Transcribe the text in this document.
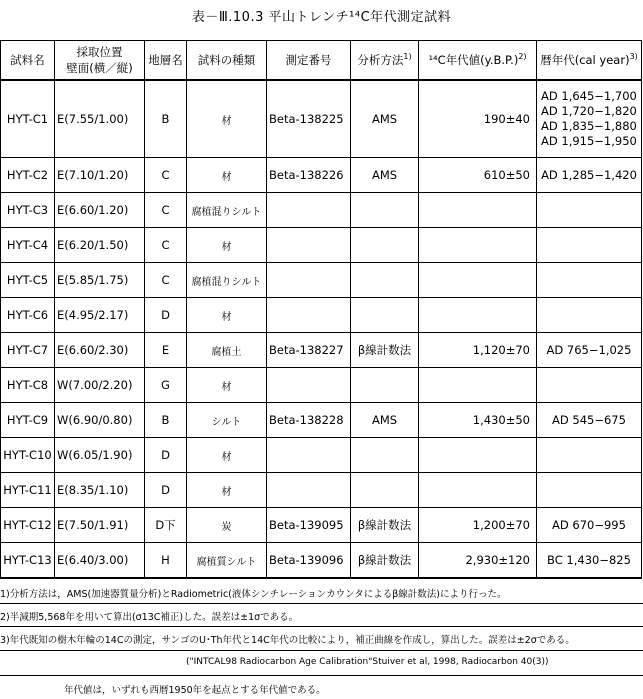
表－Ⅲ.10.3 平山トレンチ¹⁴C年代測定試料
試料名	採取位置
壁面(横／縦)	地層名	試料の種類	測定番号	分析方法$^{1)}$	¹⁴C年代値$(y.B.P.)^{2)}$	暦年代(cal year)$^{3)}$
HYT-C1	E(7.55/1.00)	B	材	Beta-138225	AMS	190±40	AD 1,645−1,700
AD 1,720−1,820
AD 1,835−1,880
AD 1,915−1,950

HYT-C2	E(7.10/1.20)	C	材	Beta-138226	AMS	610±50	AD 1,285−1,420

HYT-C3	E(6.60/1.20)	C	腐植混りシルト				
HYT-C4	E(6.20/1.50)	C	材				
HYT-C5	E(5.85/1.75)	C	腐植混りシルト				
HYT-C6	E(4.95/2.17)	D	材				
HYT-C7	E(6.60/2.30)	E	腐植土	Beta-138227	β線計数法	1,120±70	AD 765−1,025

HYT-C8	W(7.00/2.20)	G	材				
HYT-C9	W(6.90/0.80)	B	シルト	Beta-138228	AMS	1,430±50	AD 545−675

HYT-C10	W(6.05/1.90)	D	材				
HYT-C11	E(8.35/1.10)	D	材				
HYT-C12	E(7.50/1.91)	D下	炭	Beta-139095	β線計数法	1,200±70	AD 670−995

HYT-C13	E(6.40/3.00)	H	腐植質シルト	Beta-139096	β線計数法	2,930±120	BC 1,430−825
1)分析方法は，AMS(加速器質量分析)とRadiometric(液体シンチレーションカウンタによるβ線計数法)により行った。
2)半減期5,568年を用いて算出(σ13C補正)した。誤差は±1σである。
3)年代既知の樹木年輪の14Cの測定，サンゴのU･Th年代と14C年代の比較により，補正曲線を作成し，算出した。誤差は±2σである。
("INTCAL98 Radiocarbon Age Calibration"Stuiver et al, 1998, Radiocarbon 40(3))
年代値は，いずれも西暦1950年を起点とする年代値である。
